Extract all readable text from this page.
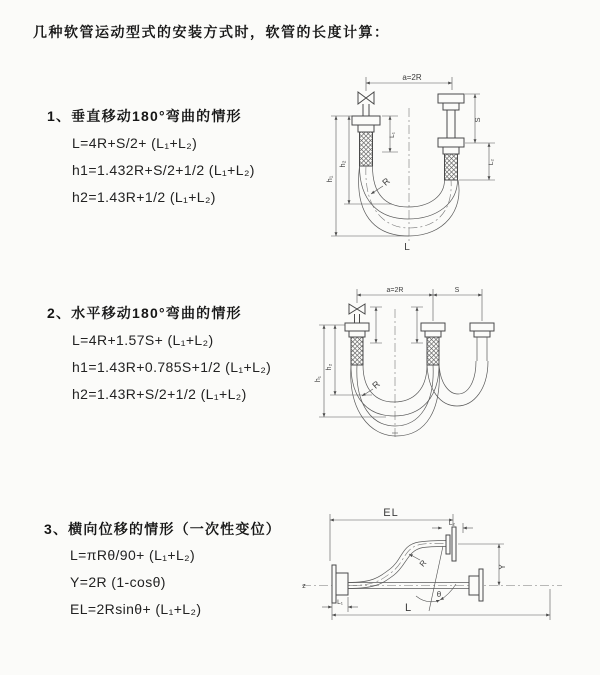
几种软管运动型式的安装方式时，软管的长度计算：
1、垂直移动180°弯曲的情形
L=4R+S/2+ (L₁+L₂)
h1=1.432R+S/2+1/2 (L₁+L₂)
h2=1.43R+1/2 (L₁+L₂)
2、水平移动180°弯曲的情形
L=4R+1.57S+ (L₁+L₂)
h1=1.43R+0.785S+1/2 (L₁+L₂)
h2=1.43R+S/2+1/2 (L₁+L₂)
3、横向位移的情形（一次性变位）
L=πRθ/90+ (L₁+L₂)
Y=2R (1-cosθ)
EL=2Rsinθ+ (L₁+L₂)
a=2R
h₁
h₂
L₁
S
L₂
R
L
a=2R	S
h₁
h₂
R
EL
L₂
Y
L
L₁
R
θ
z
